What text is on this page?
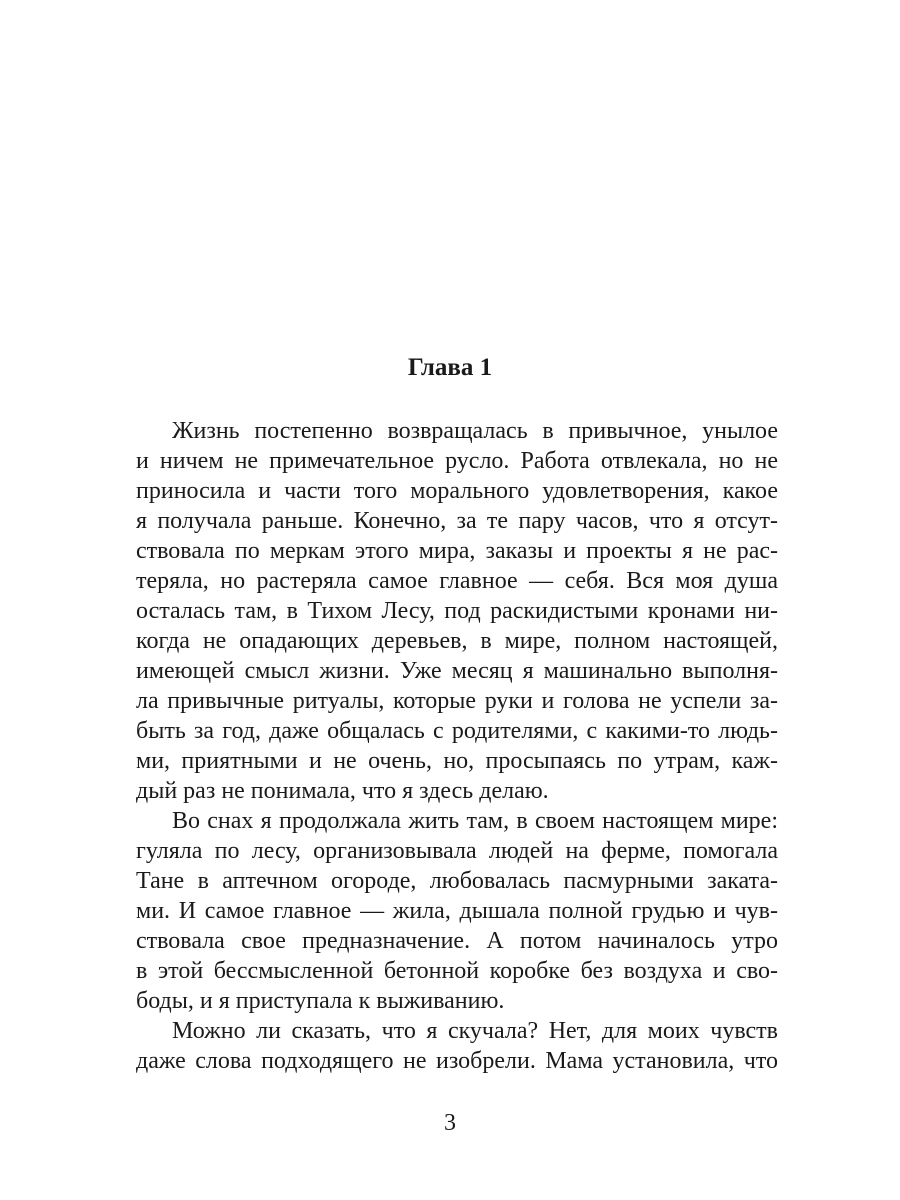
Глава 1
Жизнь постепенно возвращалась в привычное, унылое
и ничем не примечательное русло. Работа отвлекала, но не
приносила и части того морального удовлетворения, какое
я получала раньше. Конечно, за те пару часов, что я отсут-
ствовала по меркам этого мира, заказы и проекты я не рас-
теряла, но растеряла самое главное — себя. Вся моя душа
осталась там, в Тихом Лесу, под раскидистыми кронами ни-
когда не опадающих деревьев, в мире, полном настоящей,
имеющей смысл жизни. Уже месяц я машинально выполня-
ла привычные ритуалы, которые руки и голова не успели за-
быть за год, даже общалась с родителями, с какими-то людь-
ми, приятными и не очень, но, просыпаясь по утрам, каж-
дый раз не понимала, что я здесь делаю.
Во снах я продолжала жить там, в своем настоящем мире:
гуляла по лесу, организовывала людей на ферме, помогала
Тане в аптечном огороде, любовалась пасмурными заката-
ми. И самое главное — жила, дышала полной грудью и чув-
ствовала свое предназначение. А потом начиналось утро
в этой бессмысленной бетонной коробке без воздуха и сво-
боды, и я приступала к выживанию.
Можно ли сказать, что я скучала? Нет, для моих чувств
даже слова подходящего не изобрели. Мама установила, что
3
